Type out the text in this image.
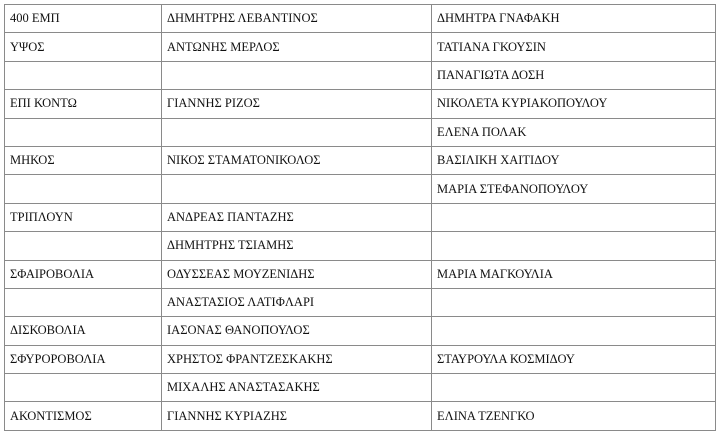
400 ΕΜΠ	ΔΗΜΗΤΡΗΣ ΛΕΒΑΝΤΙΝΟΣ	ΔΗΜΗΤΡΑ ΓΝΑΦΑΚΗ
ΥΨΟΣ	ΑΝΤΩΝΗΣ ΜΕΡΛΟΣ	ΤΑΤΙΑΝΑ ΓΚΟΥΣΙΝ
		ΠΑΝΑΓΙΩΤΑ ΔΟΣΗ
ΕΠΙ ΚΟΝΤΩ	ΓΙΑΝΝΗΣ ΡΙΖΟΣ	ΝΙΚΟΛΕΤΑ ΚΥΡΙΑΚΟΠΟΥΛΟΥ
		ΕΛΕΝΑ ΠΟΛΑΚ
ΜΗΚΟΣ	ΝΙΚΟΣ ΣΤΑΜΑΤΟΝΙΚΟΛΟΣ	ΒΑΣΙΛΙΚΗ ΧΑΙΤΙΔΟΥ
		ΜΑΡΙΑ ΣΤΕΦΑΝΟΠΟΥΛΟΥ
ΤΡΙΠΛΟΥΝ	ΑΝΔΡΕΑΣ ΠΑΝΤΑΖΗΣ	
	ΔΗΜΗΤΡΗΣ ΤΣΙΑΜΗΣ	
ΣΦΑΙΡΟΒΟΛΙΑ	ΟΔΥΣΣΕΑΣ ΜΟΥΖΕΝΙΔΗΣ	ΜΑΡΙΑ ΜΑΓΚΟΥΛΙΑ
	ΑΝΑΣΤΑΣΙΟΣ ΛΑΤΙΦΛΑΡΙ	
ΔΙΣΚΟΒΟΛΙΑ	ΙΑΣΟΝΑΣ ΘΑΝΟΠΟΥΛΟΣ	
ΣΦΥΡΟΡΟΒΟΛΙΑ	ΧΡΗΣΤΟΣ ΦΡΑΝΤΖΕΣΚΑΚΗΣ	ΣΤΑΥΡΟΥΛΑ ΚΟΣΜΙΔΟΥ
	ΜΙΧΑΛΗΣ ΑΝΑΣΤΑΣΑΚΗΣ	
ΑΚΟΝΤΙΣΜΟΣ	ΓΙΑΝΝΗΣ ΚΥΡΙΑΖΗΣ	ΕΛΙΝΑ ΤΖΕΝΓΚΟ
